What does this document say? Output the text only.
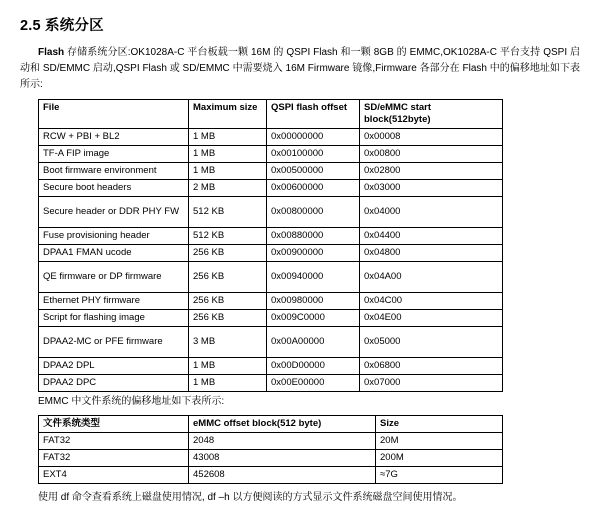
2.5 系统分区

Flash 存储系统分区:OK1028A-C 平台板载一颗 16M 的 QSPI Flash 和一颗 8GB 的 EMMC,OK1028A-C 平台支持 QSPI 启动和 SD/EMMC 启动,QSPI Flash 或 SD/EMMC 中需要烧入 16M Firmware 镜像,Firmware 各部分在 Flash 中的偏移地址如下表所示:

File	Maximum size	QSPI flash offset	SD/eMMC start block(512byte)
RCW + PBI + BL2	1 MB	0x00000000	0x00008
TF-A FIP image	1 MB	0x00100000	0x00800
Boot firmware environment	1 MB	0x00500000	0x02800
Secure boot headers	2 MB	0x00600000	0x03000
Secure header or DDR PHY FW	512 KB	0x00800000	0x04000
Fuse provisioning header	512 KB	0x00880000	0x04400
DPAA1 FMAN ucode	256 KB	0x00900000	0x04800
QE firmware or DP firmware	256 KB	0x00940000	0x04A00
Ethernet PHY firmware	256 KB	0x00980000	0x04C00
Script for flashing image	256 KB	0x009C0000	0x04E00
DPAA2-MC or PFE firmware	3 MB	0x00A00000	0x05000
DPAA2 DPL	1 MB	0x00D00000	0x06800
DPAA2 DPC	1 MB	0x00E00000	0x07000

EMMC 中文件系统的偏移地址如下表所示:

文件系统类型	eMMC offset block(512 byte)	Size
FAT32	2048	20M
FAT32	43008	200M
EXT4	452608	≈7G

使用 df 命令查看系统上磁盘使用情况, df –h 以方便阅读的方式显示文件系统磁盘空间使用情况。
